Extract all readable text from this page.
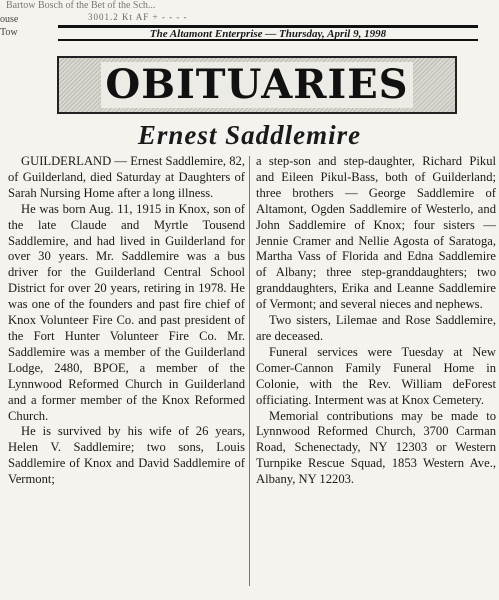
Bartow Bosch of the Bet of the Sch...
ouse
Tow
3001.2 Kt AF + - - - -
The Altamont Enterprise — Thursday, April 9, 1998
OBITUARIES
Ernest Saddlemire

GUILDERLAND — Ernest Saddlemire, 82, of Guilderland, died Saturday at Daughters of Sarah Nursing Home after a long illness.

He was born Aug. 11, 1915 in Knox, son of the late Claude and Myrtle Tousend Saddlemire, and had lived in Guilderland for over 30 years. Mr. Saddlemire was a bus driver for the Guilderland Central School District for over 20 years, retiring in 1978. He was one of the founders and past fire chief of Knox Volunteer Fire Co. and past president of the Fort Hunter Volunteer Fire Co. Mr. Saddlemire was a member of the Guilderland Lodge, 2480, BPOE, a member of the Lynnwood Reformed Church in Guilderland and a former member of the Knox Reformed Church.

He is survived by his wife of 26 years, Helen V. Saddlemire; two sons, Louis Saddlemire of Knox and David Saddlemire of Vermont;

a step-son and step-daughter, Richard Pikul and Eileen Pikul-Bass, both of Guilderland; three brothers — George Saddlemire of Altamont, Ogden Saddlemire of Westerlo, and John Saddlemire of Knox; four sisters — Jennie Cramer and Nellie Agosta of Saratoga, Martha Vass of Florida and Edna Saddlemire of Albany; three step-granddaughters; two granddaughters, Erika and Leanne Saddlemire of Vermont; and several nieces and nephews.

Two sisters, Lilemae and Rose Saddlemire, are deceased.

Funeral services were Tuesday at New Comer-Cannon Family Funeral Home in Colonie, with the Rev. William deForest officiating. Interment was at Knox Cemetery.

Memorial contributions may be made to Lynnwood Reformed Church, 3700 Carman Road, Schenectady, NY 12303 or Western Turnpike Rescue Squad, 1853 Western Ave., Albany, NY 12203.
